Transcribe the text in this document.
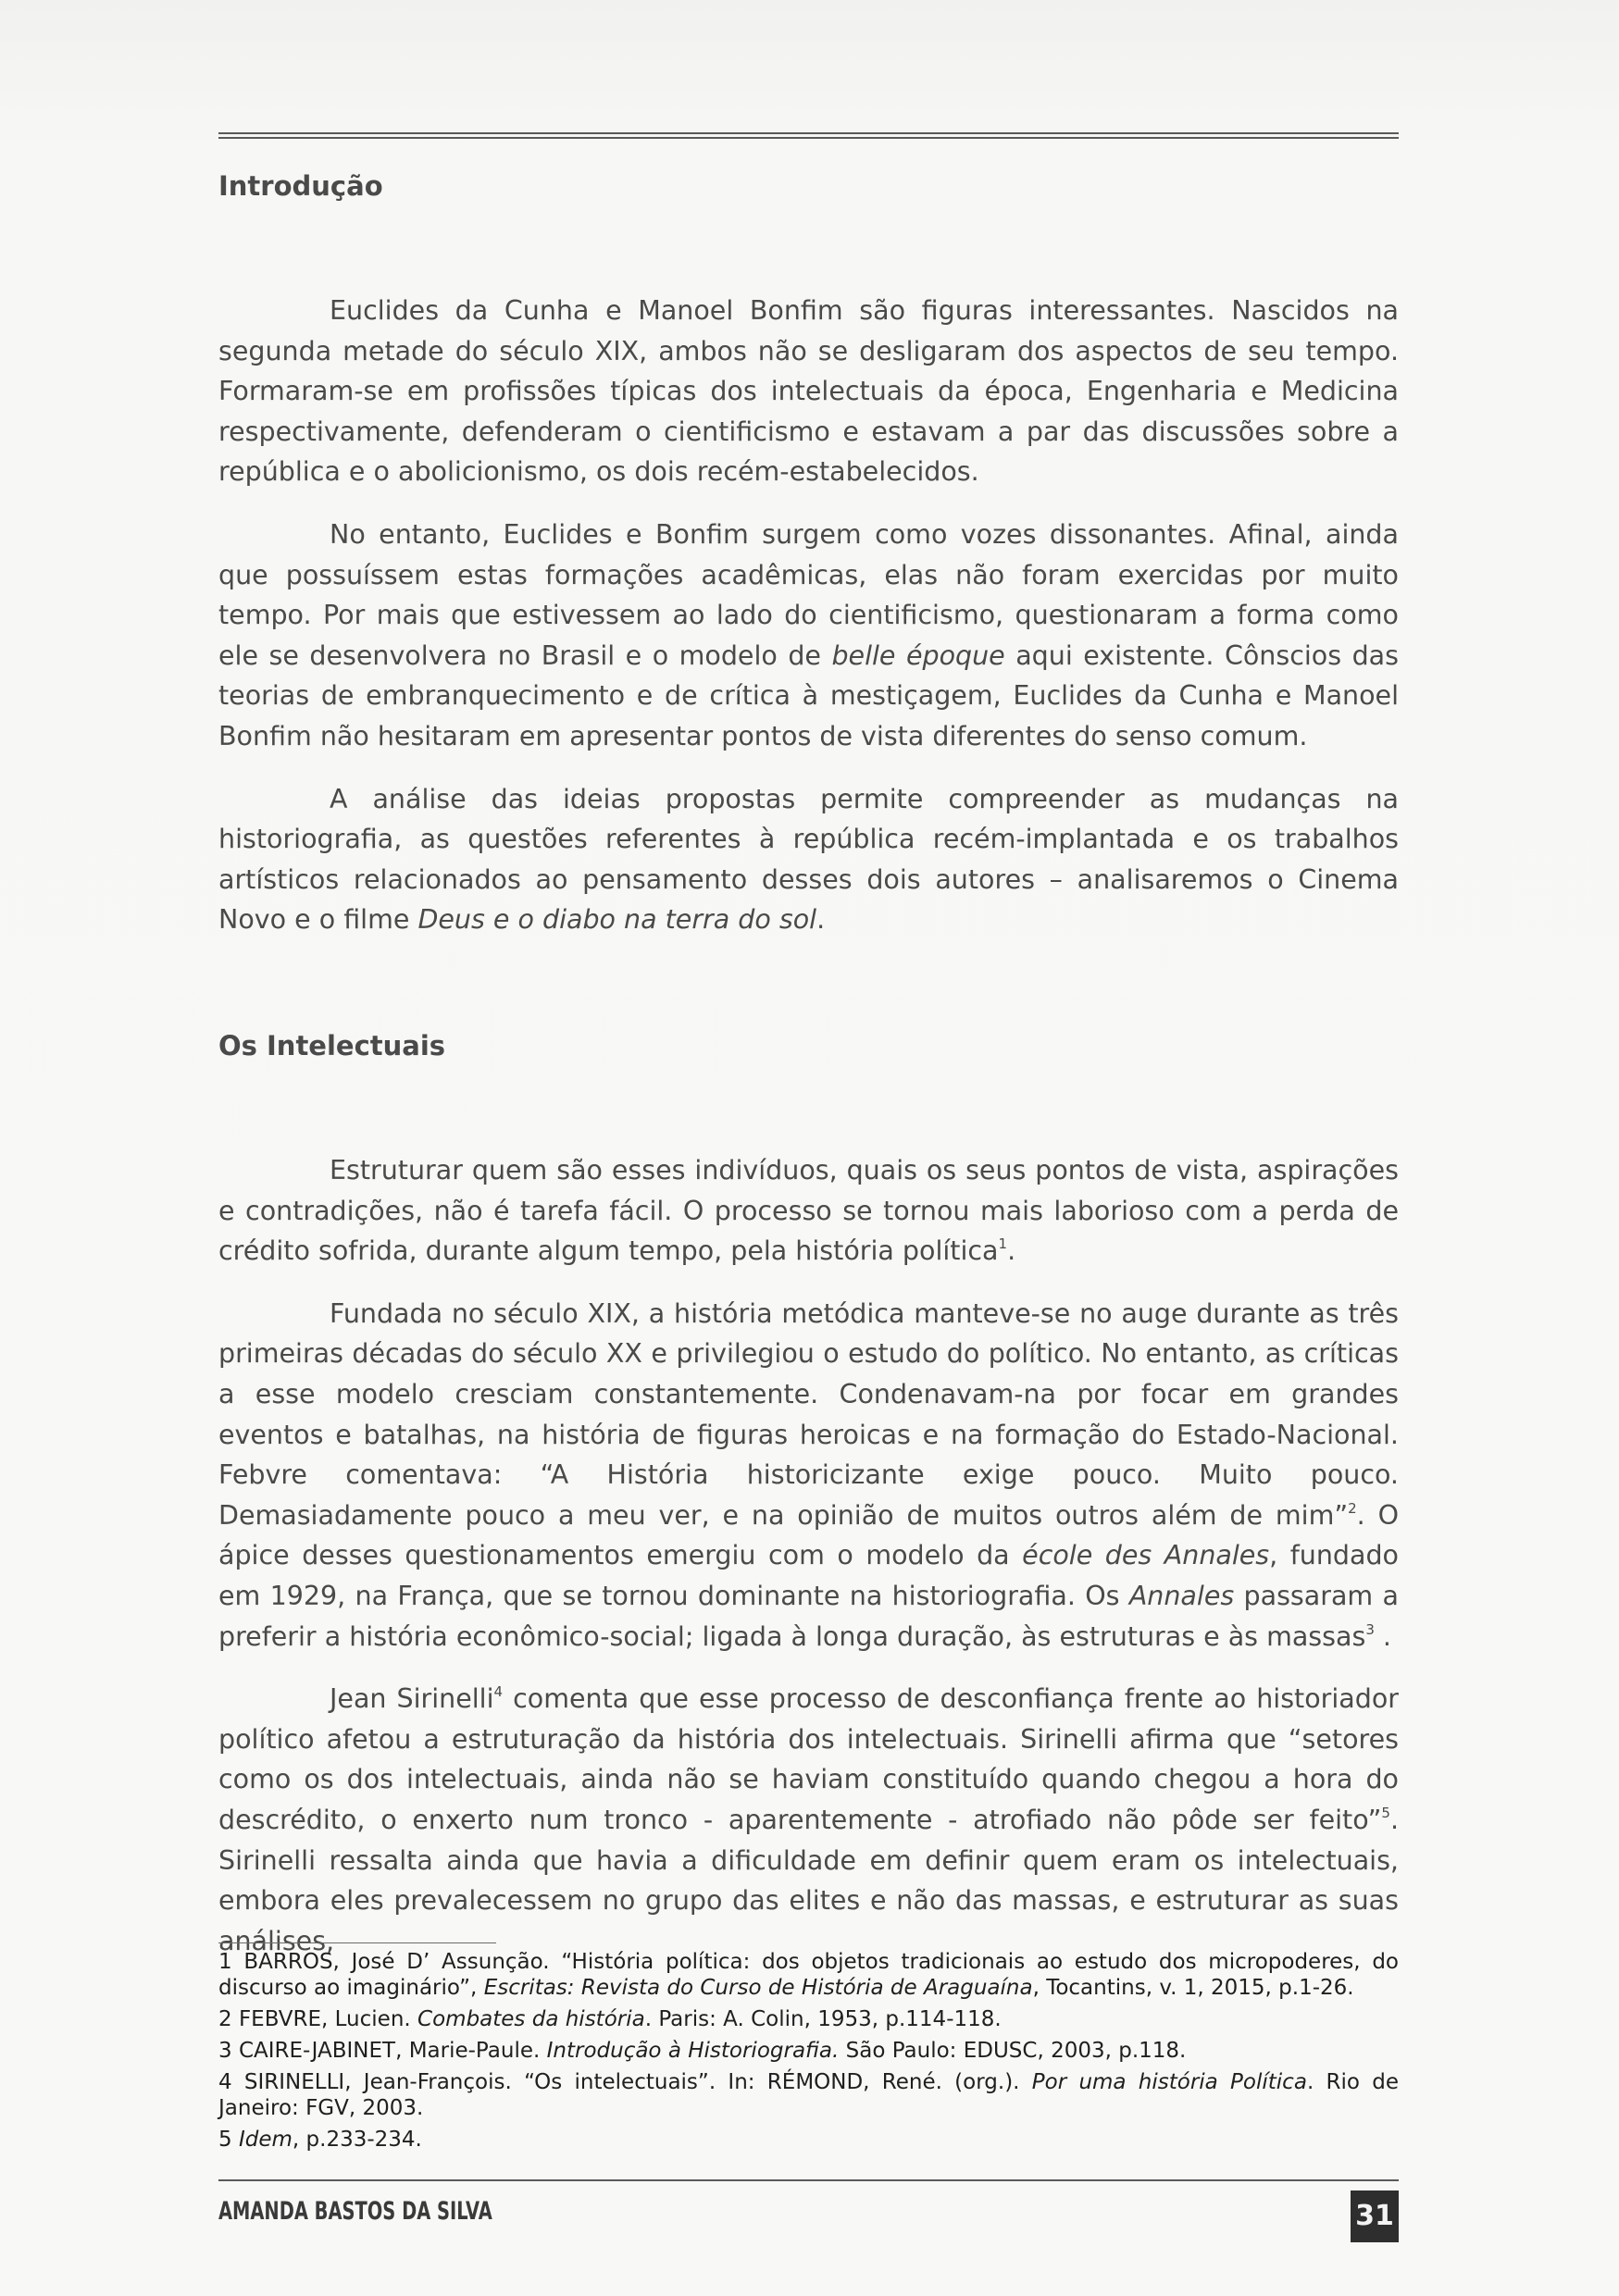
Introdução

Euclides da Cunha e Manoel Bonfim são figuras interessantes. Nascidos na segunda metade do século XIX, ambos não se desligaram dos aspectos de seu tempo. Formaram-se em profissões típicas dos intelectuais da época, Engenharia e Medicina respectivamente, defenderam o cientificismo e estavam a par das discussões sobre a república e o abolicionismo, os dois recém-estabelecidos.

No entanto, Euclides e Bonfim surgem como vozes dissonantes. Afinal, ainda que possuíssem estas formações acadêmicas, elas não foram exercidas por muito tempo. Por mais que estivessem ao lado do cientificismo, questionaram a forma como ele se desenvolvera no Brasil e o modelo de belle époque aqui existente. Cônscios das teorias de embranquecimento e de crítica à mestiçagem, Euclides da Cunha e Manoel Bonfim não hesitaram em apresentar pontos de vista diferentes do senso comum.

A análise das ideias propostas permite compreender as mudanças na historiografia, as questões referentes à república recém-implantada e os trabalhos artísticos relacionados ao pensamento desses dois autores – analisaremos o Cinema Novo e o filme Deus e o diabo na terra do sol.

Os Intelectuais

Estruturar quem são esses indivíduos, quais os seus pontos de vista, aspirações e contradições, não é tarefa fácil. O processo se tornou mais laborioso com a perda de crédito sofrida, durante algum tempo, pela história política$^1$.

Fundada no século XIX, a história metódica manteve-se no auge durante as três primeiras décadas do século XX e privilegiou o estudo do político. No entanto, as críticas a esse modelo cresciam constantemente. Condenavam-na por focar em grandes eventos e batalhas, na história de figuras heroicas e na formação do Estado-Nacional. Febvre comentava: “A História historicizante exige pouco. Muito pouco. Demasiadamente pouco a meu ver, e na opinião de muitos outros além de mim”$^2$. O ápice desses questionamentos emergiu com o modelo da école des Annales, fundado em 1929, na França, que se tornou dominante na historiografia. Os Annales passaram a preferir a história econômico-social; ligada à longa duração, às estruturas e às massas$^3$ .

Jean Sirinelli$^4$ comenta que esse processo de desconfiança frente ao historiador político afetou a estruturação da história dos intelectuais. Sirinelli afirma que “setores como os dos intelectuais, ainda não se haviam constituído quando chegou a hora do descrédito, o enxerto num tronco - aparentemente - atrofiado não pôde ser feito”$^5$. Sirinelli ressalta ainda que havia a dificuldade em definir quem eram os intelectuais, embora eles prevalecessem no grupo das elites e não das massas, e estruturar as suas análises,

1 BARROS, José D’ Assunção. “História política: dos objetos tradicionais ao estudo dos micropoderes, do discurso ao imaginário”, Escritas: Revista do Curso de História de Araguaína, Tocantins, v. 1, 2015, p.1-26.
2 FEBVRE, Lucien. Combates da história. Paris: A. Colin, 1953, p.114-118.
3 CAIRE-JABINET, Marie-Paule. Introdução à Historiografia. São Paulo: EDUSC, 2003, p.118.
4 SIRINELLI, Jean-François. “Os intelectuais”. In: RÉMOND, René. (org.). Por uma história Política. Rio de Janeiro: FGV, 2003.
5 Idem, p.233-234.
AMANDA BASTOS DA SILVA	31
